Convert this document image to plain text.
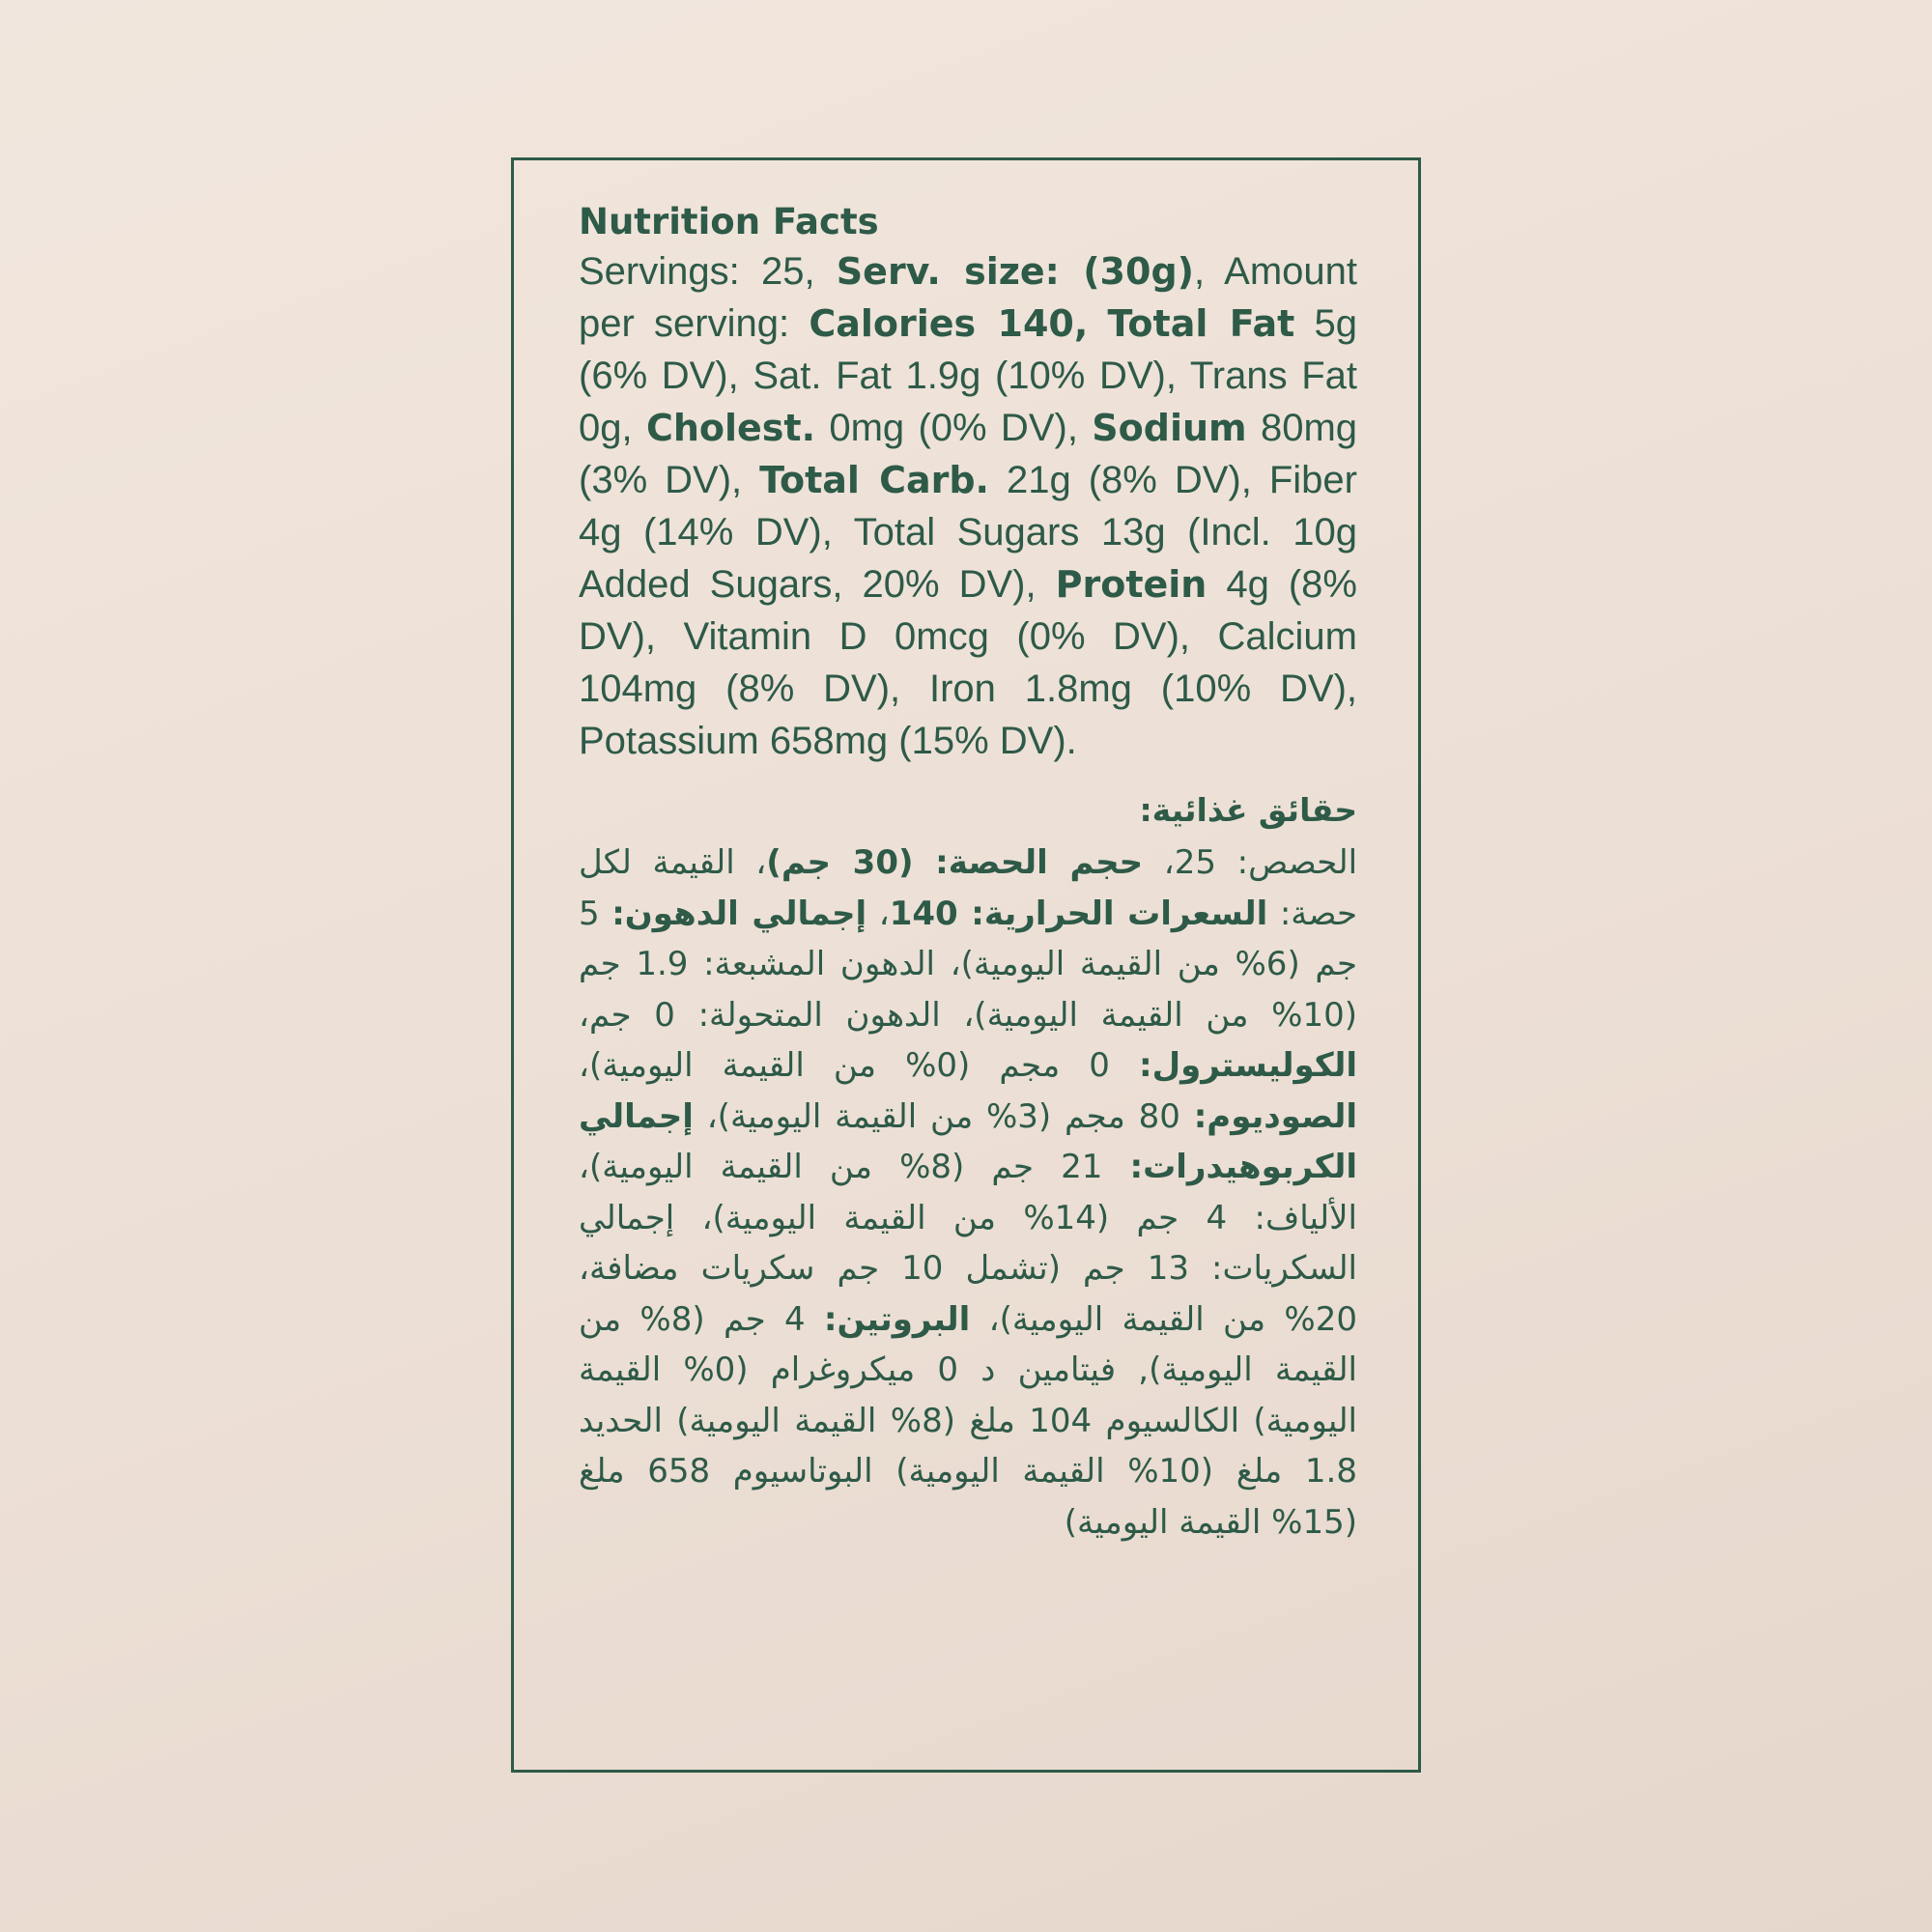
Nutrition Facts

Servings: 25, Serv. size: (30g), Amount per serving: Calories 140, Total Fat 5g (6% DV), Sat. Fat 1.9g (10% DV), Trans Fat 0g, Cholest. 0mg (0% DV), Sodium 80mg (3% DV), Total Carb. 21g (8% DV), Fiber 4g (14% DV), Total Sugars 13g (Incl. 10g Added Sugars, 20% DV), Protein 4g (8% DV), Vitamin D 0mcg (0% DV), Calcium 104mg (8% DV), Iron 1.8mg (10% DV), Potassium 658mg (15% DV).

حقائق غذائية:

الحصص: 25، حجم الحصة: (30 جم)، القيمة لكل حصة: السعرات الحرارية: 140، إجمالي الدهون: 5 جم (6% من القيمة اليومية)، الدهون المشبعة: 1.9 جم (10% من القيمة اليومية)، الدهون المتحولة: 0 جم، الكوليسترول: 0 مجم (0% من القيمة اليومية)، الصوديوم: 80 مجم (3% من القيمة اليومية)، إجمالي الكربوهيدرات: 21 جم (8% من القيمة اليومية)، الألياف: 4 جم (14% من القيمة اليومية)، إجمالي السكريات: 13 جم (تشمل 10 جم سكريات مضافة، 20% من القيمة اليومية)، البروتين: 4 جم (8% من القيمة اليومية), فيتامين د 0 ميكروغرام (0% القيمة اليومية) الكالسيوم 104 ملغ (8% القيمة اليومية) الحديد 1.8 ملغ (10% القيمة اليومية) البوتاسيوم 658 ملغ (15% القيمة اليومية)
